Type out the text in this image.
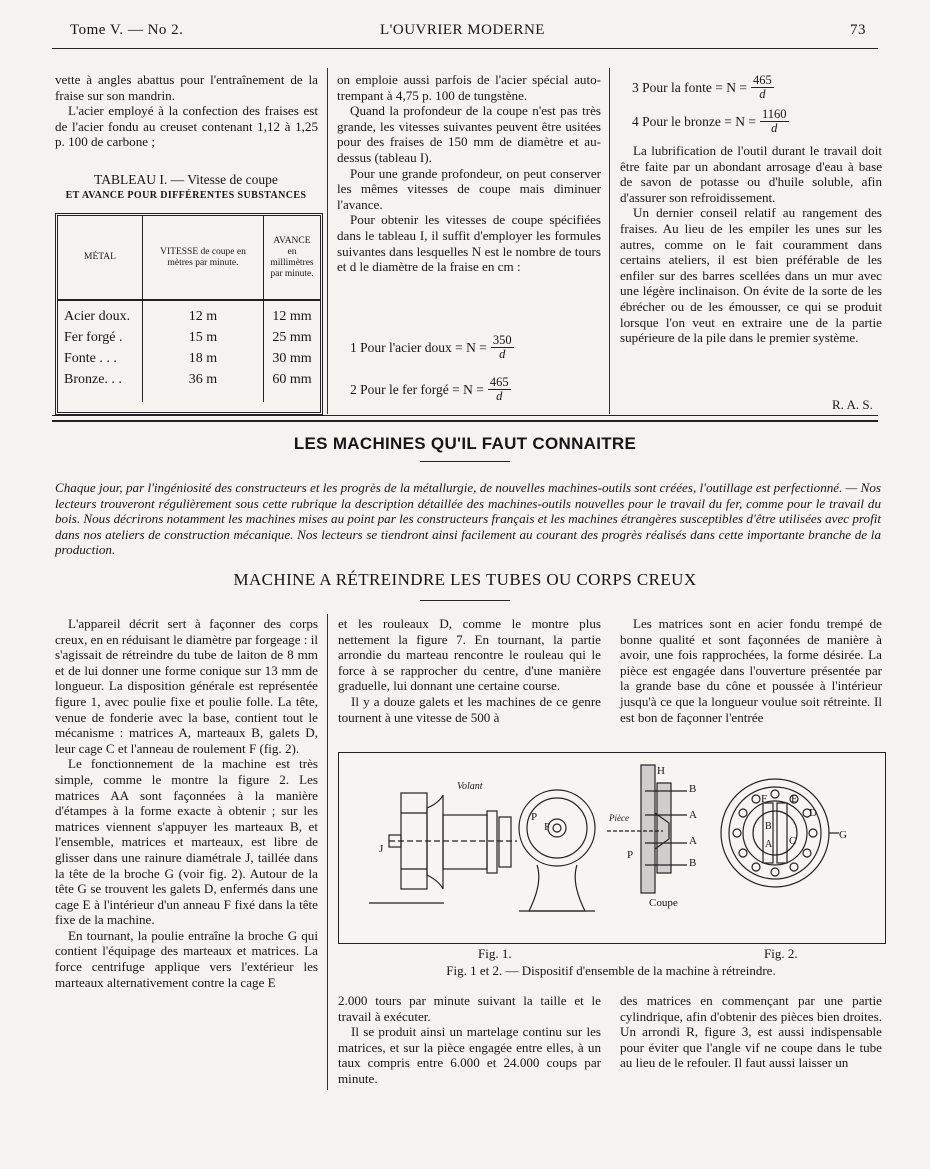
Tome V. — No 2.	L'OUVRIER MODERNE	73

vette à angles abattus pour l'entraînement de la fraise sur son mandrin.

L'acier employé à la confection des fraises est de l'acier fondu au creuset contenant 1,12 à 1,25 p. 100 de carbone ;

TABLEAU I. — Vitesse de coupe

ET AVANCE POUR DIFFÉRENTES SUBSTANCES

MÉTAL	VITESSE de coupe en mètres par minute.	AVANCE en millimètres par minute.

Acier doux.	12 m	12 mm
Fer forgé .	15 m	25 mm
Fonte . . .	18 m	30 mm
Bronze. . .	36 m	60 mm

on emploie aussi parfois de l'acier spécial auto-trempant à 4,75 p. 100 de tungstène.

Quand la profondeur de la coupe n'est pas très grande, les vitesses suivantes peuvent être usitées pour des fraises de 150 mm de diamètre et au-dessus (tableau I).

Pour une grande profondeur, on peut conserver les mêmes vitesses de coupe mais diminuer l'avance.

Pour obtenir les vitesses de coupe spécifiées dans le tableau I, il suffit d'employer les formules suivantes dans lesquelles N est le nombre de tours et d le diamètre de la fraise en cm :

1 Pour l'acier doux = $N = \frac{350}{d}$
2 Pour le fer forgé = $N = \frac{465}{d}$
3 Pour la fonte = $N = \frac{465}{d}$
4 Pour le bronze = $N = \frac{1160}{d}$

La lubrification de l'outil durant le travail doit être faite par un abondant arrosage d'eau à base de savon de potasse ou d'huile soluble, afin d'assurer son refroidissement.

Un dernier conseil relatif au rangement des fraises. Au lieu de les empiler les unes sur les autres, comme on le fait couramment dans certains ateliers, il est bien préférable de les enfiler sur des barres scellées dans un mur avec une légère inclinaison. On évite de la sorte de les ébrécher ou de les émousser, ce qui se produit lorsque l'on veut en extraire une de la partie supérieure de la pile dans le premier système.

R. A. S.
LES MACHINES QU'IL FAUT CONNAITRE
Chaque jour, par l'ingéniosité des constructeurs et les progrès de la métallurgie, de nouvelles machines-outils sont créées, l'outillage est perfectionné. — Nos lecteurs trouveront régulièrement sous cette rubrique la description détaillée des machines-outils nouvelles pour le travail du fer, comme pour le travail du bois. Nous décrirons notamment les machines mises au point par les constructeurs français et les machines étrangères susceptibles d'être utilisées avec profit dans nos ateliers de construction mécanique. Nos lecteurs se tiendront ainsi facilement au courant des progrès réalisés dans cette importante branche de la production.
MACHINE A RÉTREINDRE LES TUBES OU CORPS CREUX

L'appareil décrit sert à façonner des corps creux, en en réduisant le diamètre par forgeage : il s'agissait de rétreindre du tube de laiton de 8 mm et de lui donner une forme conique sur 13 mm de longueur. La disposition générale est représentée figure 1, avec poulie fixe et poulie folle. La tête, venue de fonderie avec la base, contient tout le mécanisme : matrices A, marteaux B, galets D, leur cage C et l'anneau de roulement F (fig. 2).

Le fonctionnement de la machine est très simple, comme le montre la figure 2. Les matrices AA sont façonnées à la manière d'étampes à la forme exacte à obtenir ; sur les matrices viennent s'appuyer les marteaux B, et l'ensemble, matrices et marteaux, est libre de glisser dans une rainure diamétrale J, taillée dans la tête de la broche G (voir fig. 2). Autour de la tête G se trouvent les galets D, enfermés dans une cage E à l'intérieur d'un anneau F fixé dans la tête fixe de la machine.

En tournant, la poulie entraîne la broche G qui contient l'équipage des marteaux et matrices. La force centrifuge applique vers l'extérieur les marteaux alternativement contre la cage E

et les rouleaux D, comme le montre plus nettement la figure 7. En tournant, la partie arrondie du marteau rencontre le rouleau qui le force à se rapprocher du centre, d'une manière graduelle, lui donnant une certaine course.

Il y a douze galets et les machines de ce genre tournent à une vitesse de 500 à

Les matrices sont en acier fondu trempé de bonne qualité et sont façonnées de manière à avoir, une fois rapprochées, la forme désirée. La pièce est engagée dans l'ouverture présentée par la grande base du cône et poussée à l'intérieur jusqu'à ce que la longueur voulue soit rétreinte. Il est bon de façonner l'entrée

Volant
J
P
F
Pièce
H
B
A
A
B
P
Coupe
F E
D
G
C
B
A
Fig. 1.	Fig. 2.
Fig. 1 et 2. — Dispositif d'ensemble de la machine à rétreindre.

2.000 tours par minute suivant la taille et le travail à exécuter.

Il se produit ainsi un martelage continu sur les matrices, et sur la pièce engagée entre elles, à un taux compris entre 6.000 et 24.000 coups par minute.

des matrices en commençant par une partie cylindrique, afin d'obtenir des pièces bien droites. Un arrondi R, figure 3, est aussi indispensable pour éviter que l'angle vif ne coupe dans le tube au lieu de le refouler. Il faut aussi laisser un
